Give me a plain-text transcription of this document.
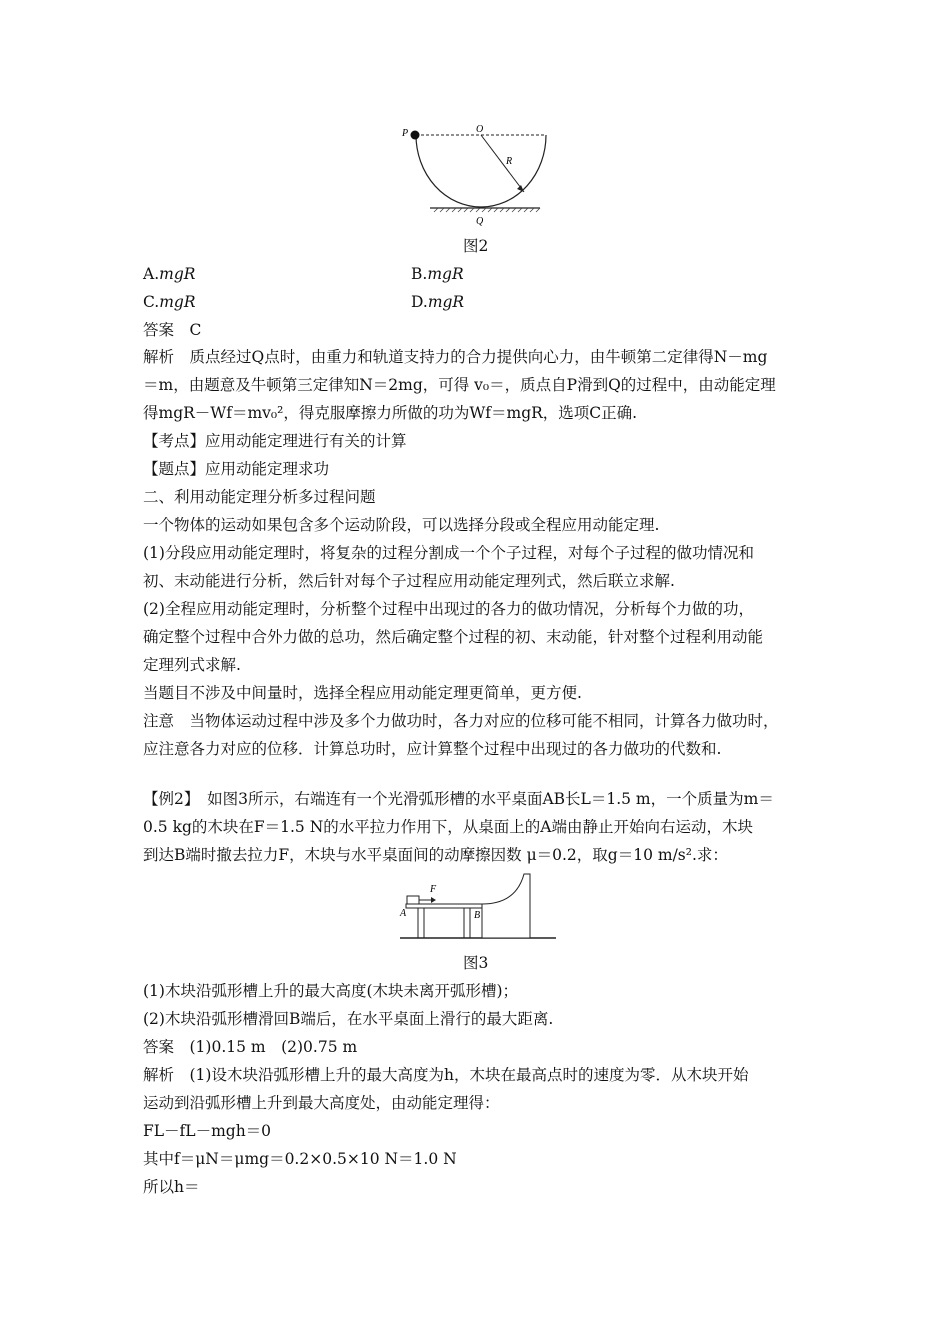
P	O
R
Q
图2
A.mgR	B.mgR
C.mgR	D.mgR
答案　C
解析　质点经过Q点时，由重力和轨道支持力的合力提供向心力，由牛顿第二定律得N－mg
＝m，由题意及牛顿第三定律知N＝2mg，可得 v₀＝，质点自P滑到Q的过程中，由动能定理
得mgR－Wf＝mv₀²，得克服摩擦力所做的功为Wf＝mgR，选项C正确.
【考点】应用动能定理进行有关的计算
【题点】应用动能定理求功
二、利用动能定理分析多过程问题
一个物体的运动如果包含多个运动阶段，可以选择分段或全程应用动能定理.
(1)分段应用动能定理时，将复杂的过程分割成一个个子过程，对每个子过程的做功情况和
初、末动能进行分析，然后针对每个子过程应用动能定理列式，然后联立求解.
(2)全程应用动能定理时，分析整个过程中出现过的各力的做功情况，分析每个力做的功，
确定整个过程中合外力做的总功，然后确定整个过程的初、末动能，针对整个过程利用动能
定理列式求解.
当题目不涉及中间量时，选择全程应用动能定理更简单，更方便.
注意　当物体运动过程中涉及多个力做功时，各力对应的位移可能不相同，计算各力做功时，
应注意各力对应的位移．计算总功时，应计算整个过程中出现过的各力做功的代数和.
【例2】　如图3所示，右端连有一个光滑弧形槽的水平桌面AB长L＝1.5 m，一个质量为m＝
0.5 kg的木块在F＝1.5 N的水平拉力作用下，从桌面上的A端由静止开始向右运动，木块
到达B端时撤去拉力F，木块与水平桌面间的动摩擦因数 μ＝0.2，取g＝10 m/s².求：
F
A	B
图3
(1)木块沿弧形槽上升的最大高度(木块未离开弧形槽)；
(2)木块沿弧形槽滑回B端后，在水平桌面上滑行的最大距离.
答案　(1)0.15 m　(2)0.75 m
解析　(1)设木块沿弧形槽上升的最大高度为h，木块在最高点时的速度为零．从木块开始
运动到沿弧形槽上升到最大高度处，由动能定理得：
FL－fL－mgh＝0
其中f＝μN＝μmg＝0.2×0.5×10 N＝1.0 N
所以h＝
